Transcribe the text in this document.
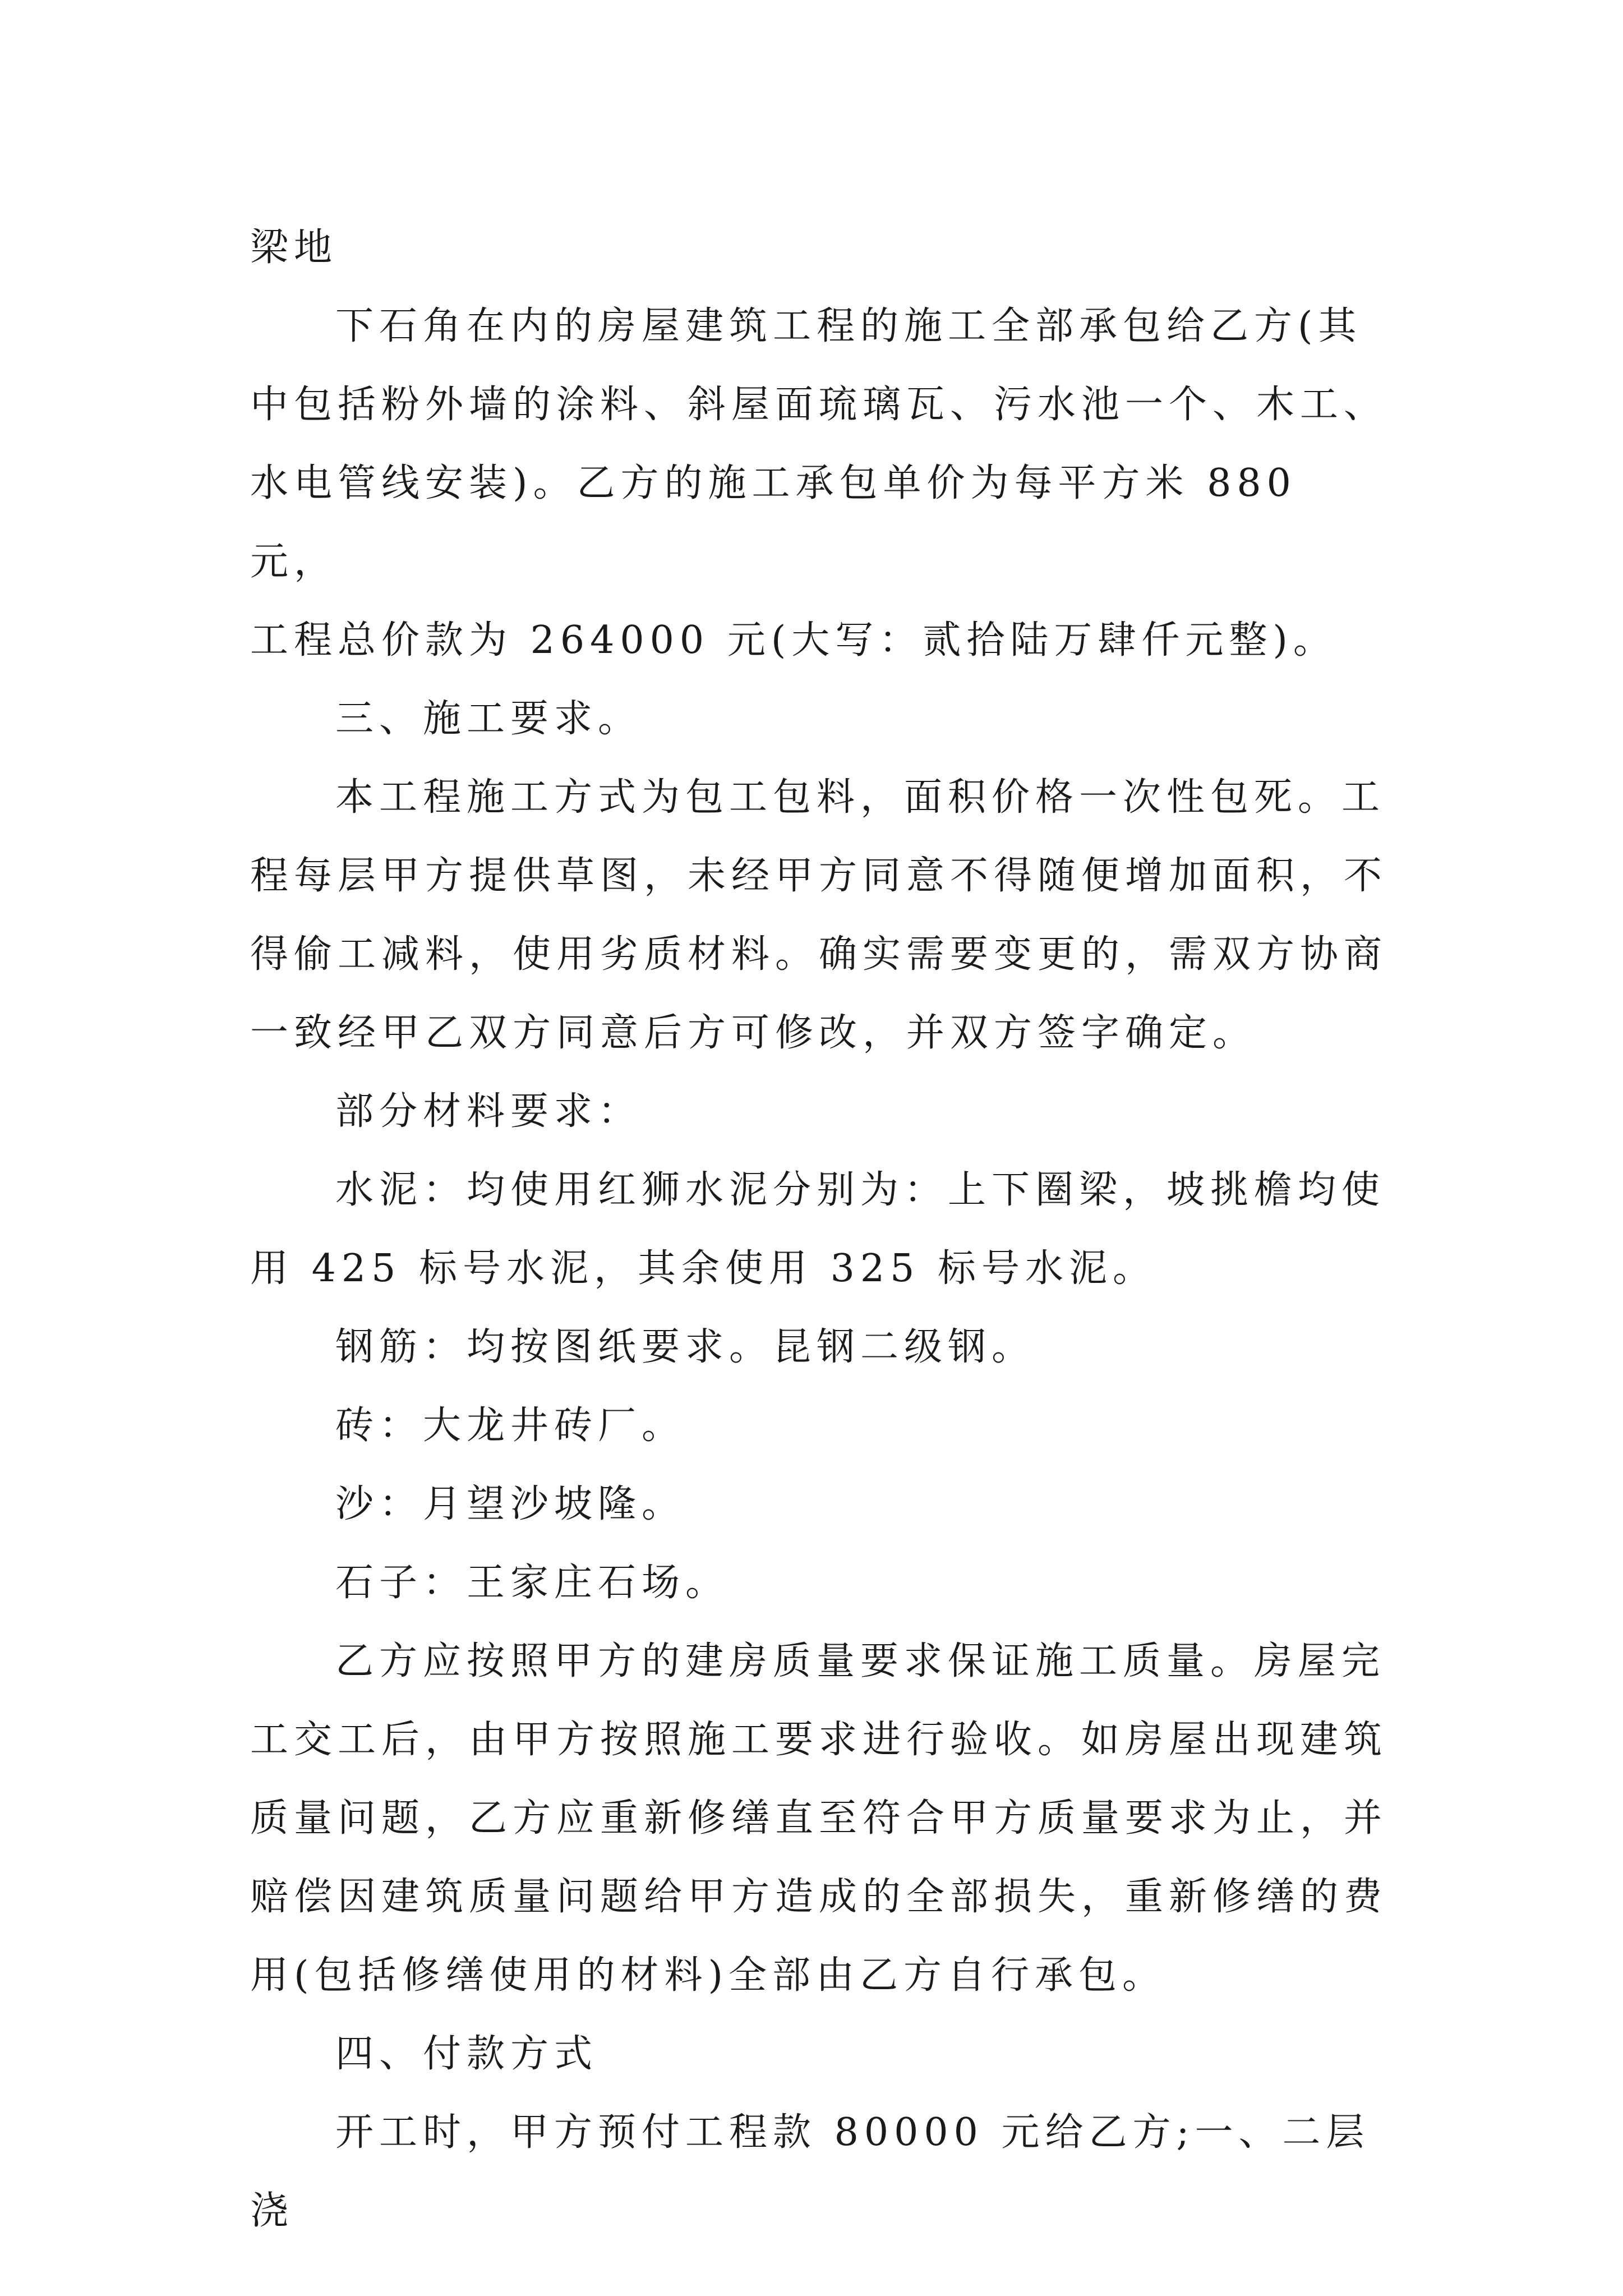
梁地

下石角在内的房屋建筑工程的施工全部承包给乙方(其

中包括粉外墙的涂料、斜屋面琉璃瓦、污水池一个、木工、

水电管线安装)。乙方的施工承包单价为每平方米 880 元，

工程总价款为 264000 元(大写：贰拾陆万肆仟元整)。

三、施工要求。

本工程施工方式为包工包料，面积价格一次性包死。工

程每层甲方提供草图，未经甲方同意不得随便增加面积，不

得偷工减料，使用劣质材料。确实需要变更的，需双方协商

一致经甲乙双方同意后方可修改，并双方签字确定。

部分材料要求：

水泥：均使用红狮水泥分别为：上下圈梁，坡挑檐均使

用 425 标号水泥，其余使用 325 标号水泥。

钢筋：均按图纸要求。昆钢二级钢。

砖：大龙井砖厂。

沙：月望沙坡隆。

石子：王家庄石场。

乙方应按照甲方的建房质量要求保证施工质量。房屋完

工交工后，由甲方按照施工要求进行验收。如房屋出现建筑

质量问题，乙方应重新修缮直至符合甲方质量要求为止，并

赔偿因建筑质量问题给甲方造成的全部损失，重新修缮的费

用(包括修缮使用的材料)全部由乙方自行承包。

四、付款方式

开工时，甲方预付工程款 80000 元给乙方;一、二层浇
